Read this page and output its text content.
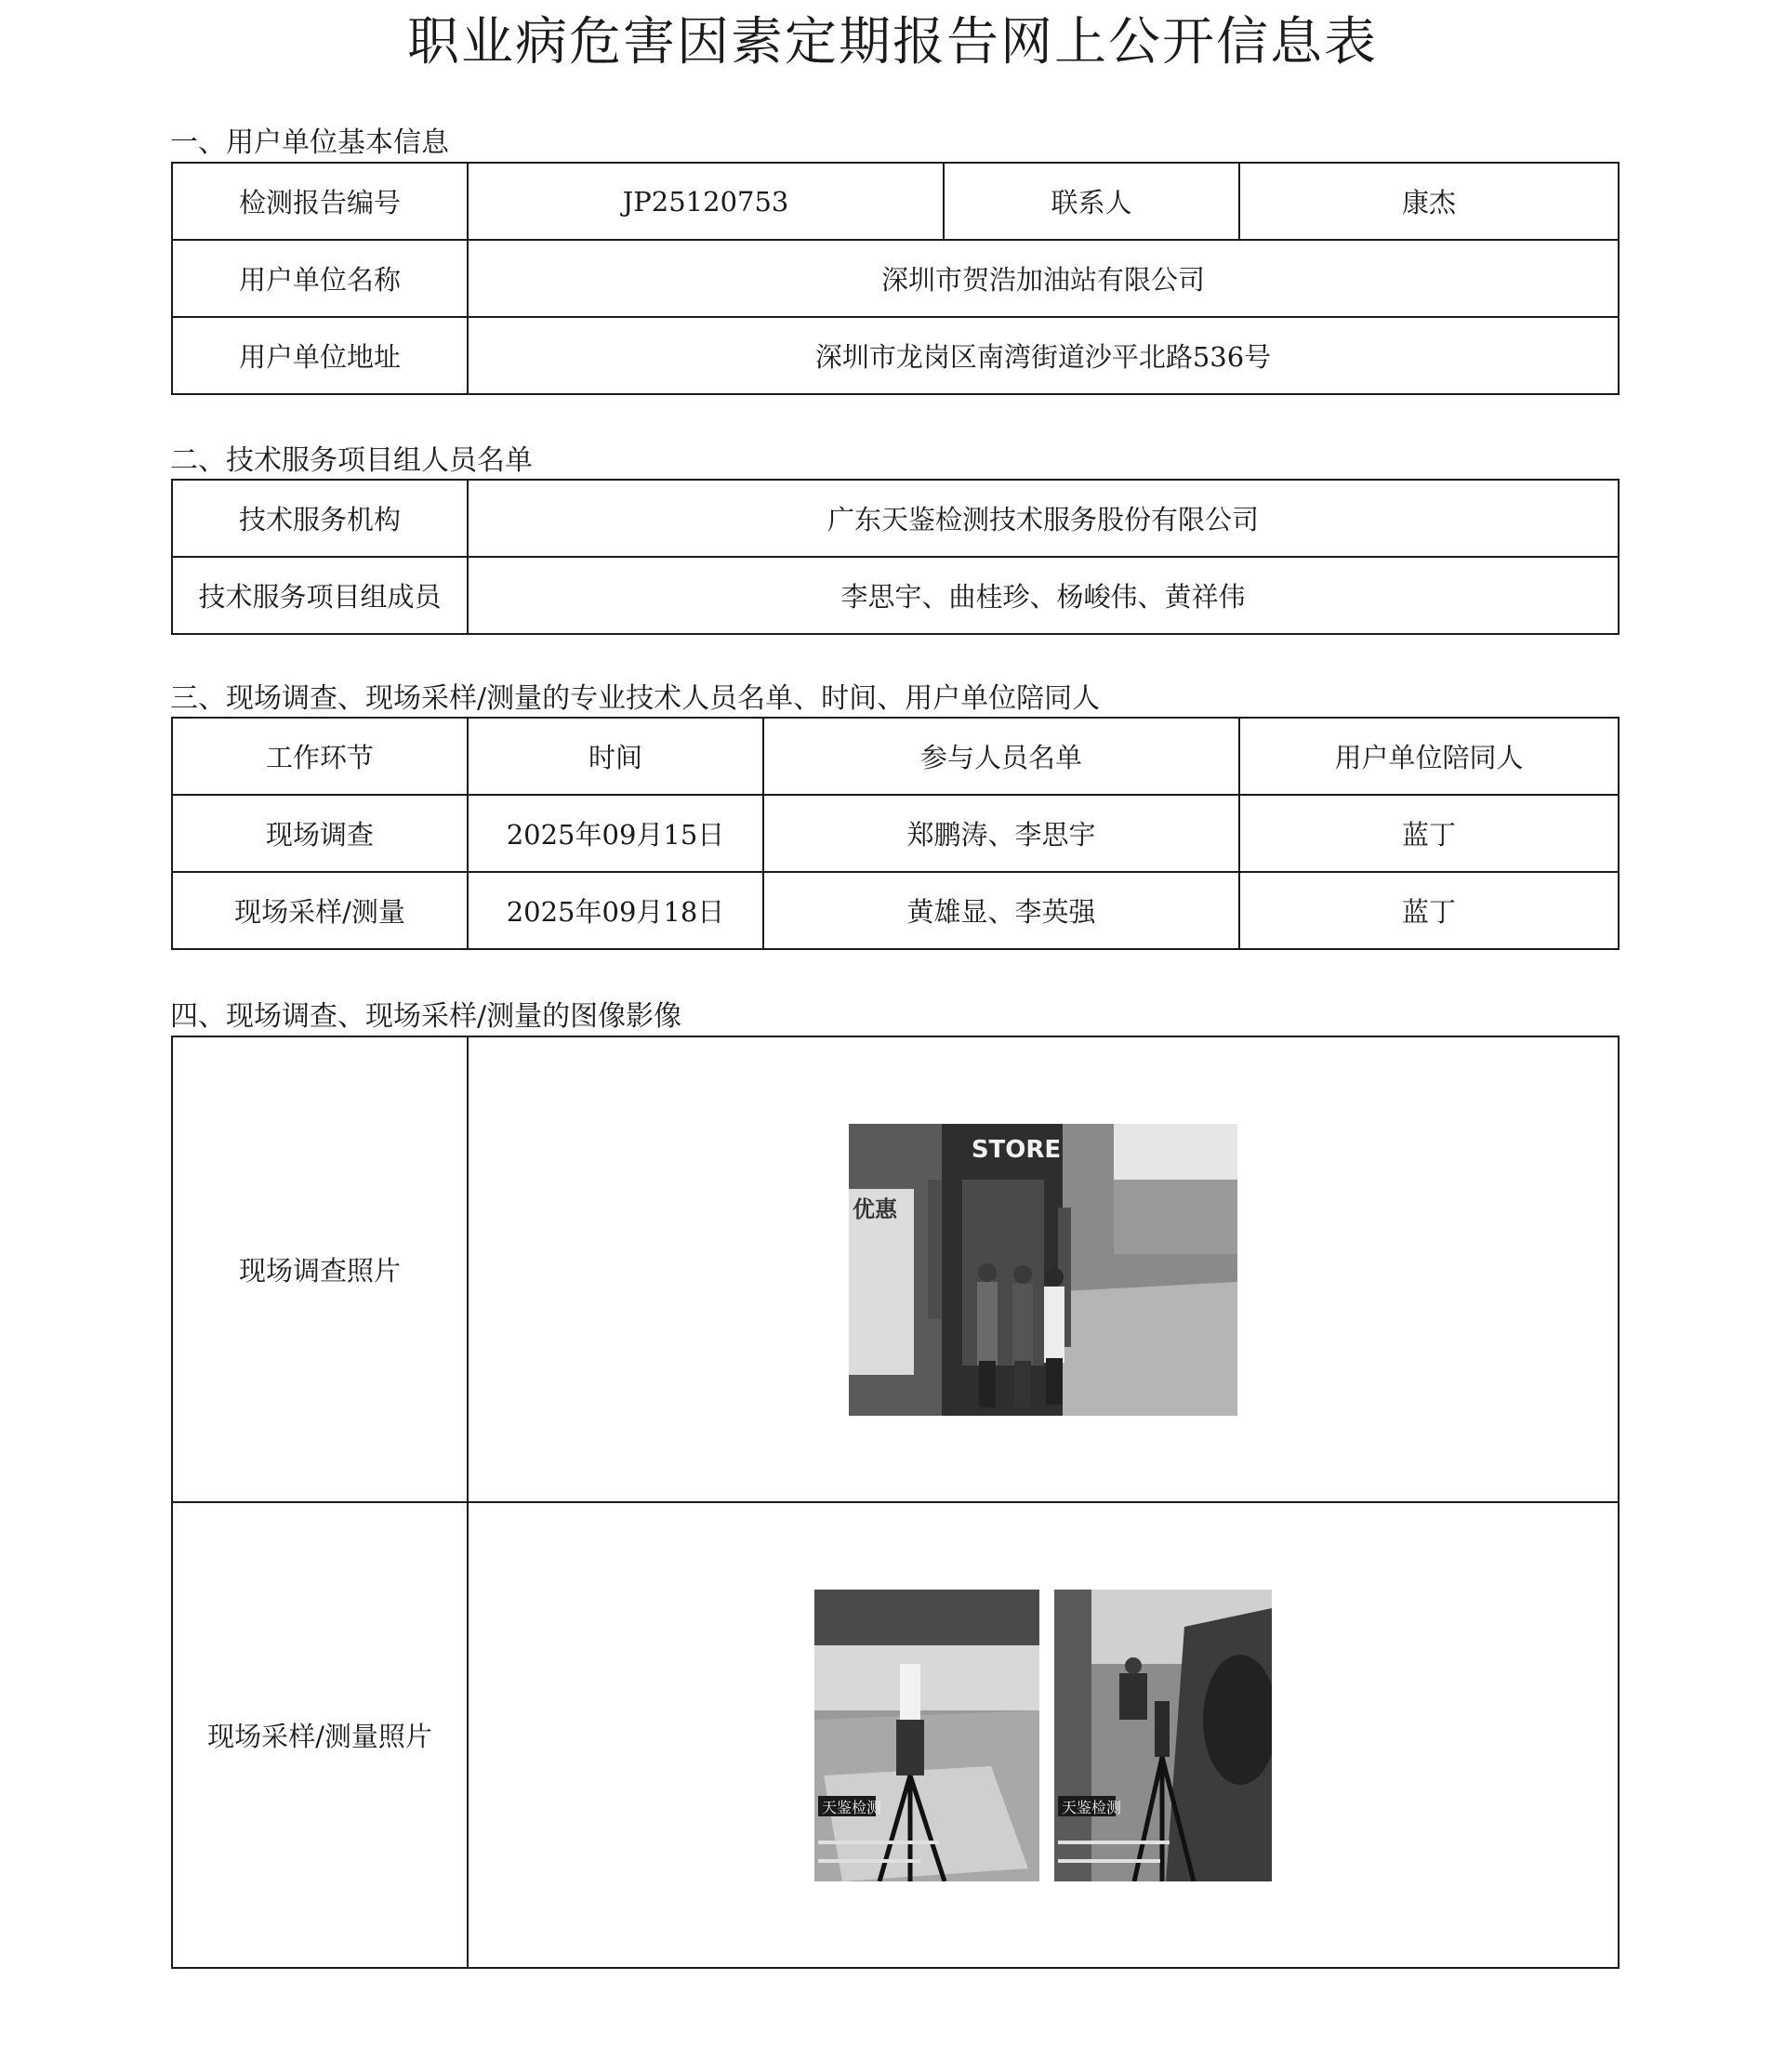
职业病危害因素定期报告网上公开信息表
一、用户单位基本信息
检测报告编号	JP25120753	联系人	康杰
用户单位名称	深圳市贺浩加油站有限公司		
用户单位地址	深圳市龙岗区南湾街道沙平北路536号		
二、技术服务项目组人员名单
技术服务机构	广东天鉴检测技术服务股份有限公司
技术服务项目组成员	李思宇、曲桂珍、杨峻伟、黄祥伟
三、现场调查、现场采样/测量的专业技术人员名单、时间、用户单位陪同人
工作环节	时间	参与人员名单	用户单位陪同人
现场调查	2025年09月15日	郑鹏涛、李思宇	蓝丁
现场采样/测量	2025年09月18日	黄雄显、李英强	蓝丁
四、现场调查、现场采样/测量的图像影像
现场调查照片	STORE
优惠

现场采样/测量照片	天鉴检测 天鉴检测
